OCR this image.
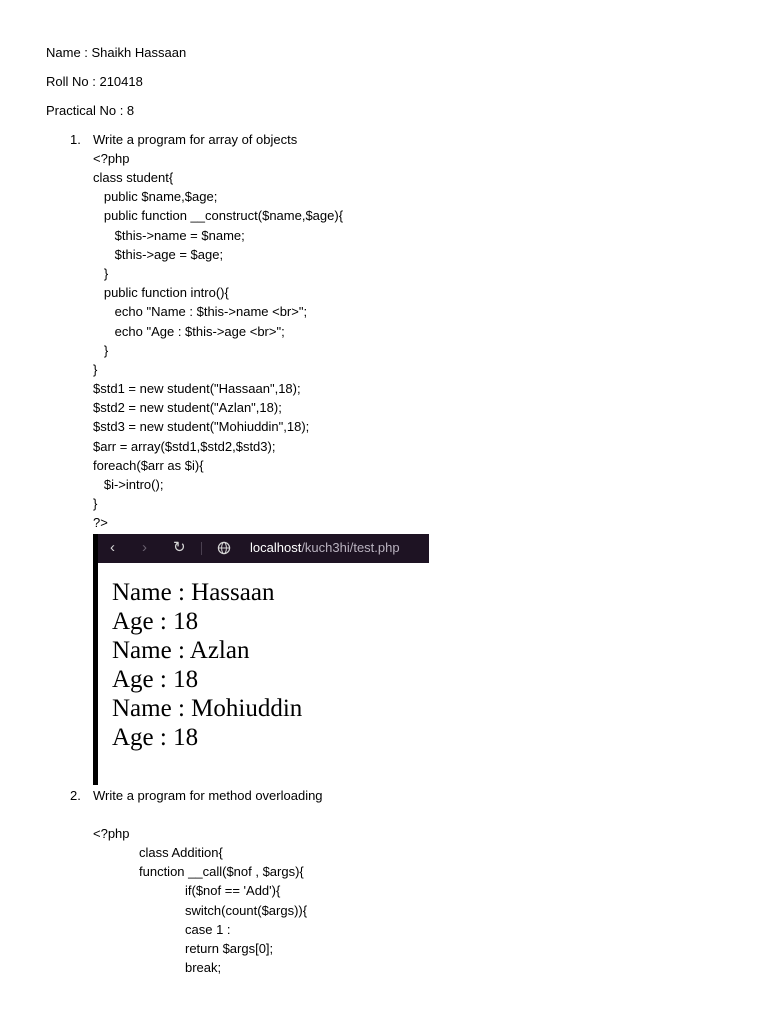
Name : Shaikh Hassaan
Roll No : 210418
Practical No : 8
1. Write a program for array of objects
<?php
class student{
public $name,$age;
public function __construct($name,$age){
$this->name = $name;
$this->age = $age;
}
public function intro(){
echo "Name : $this->name <br>";
echo "Age : $this->age <br>";
}
}
$std1 = new student("Hassaan",18);
$std2 = new student("Azlan",18);
$std3 = new student("Mohiuddin",18);
$arr = array($std1,$std2,$std3);
foreach($arr as $i){
$i->intro();
}
?>
‹ › ↻	localhost/kuch3hi/test.php
Name : Hassaan
Age : 18
Name : Azlan
Age : 18
Name : Mohiuddin
Age : 18
2. Write a program for method overloading
<?php
class Addition{
function __call($nof , $args){
if($nof == 'Add'){
switch(count($args)){
case 1 :
return $args[0];
break;
